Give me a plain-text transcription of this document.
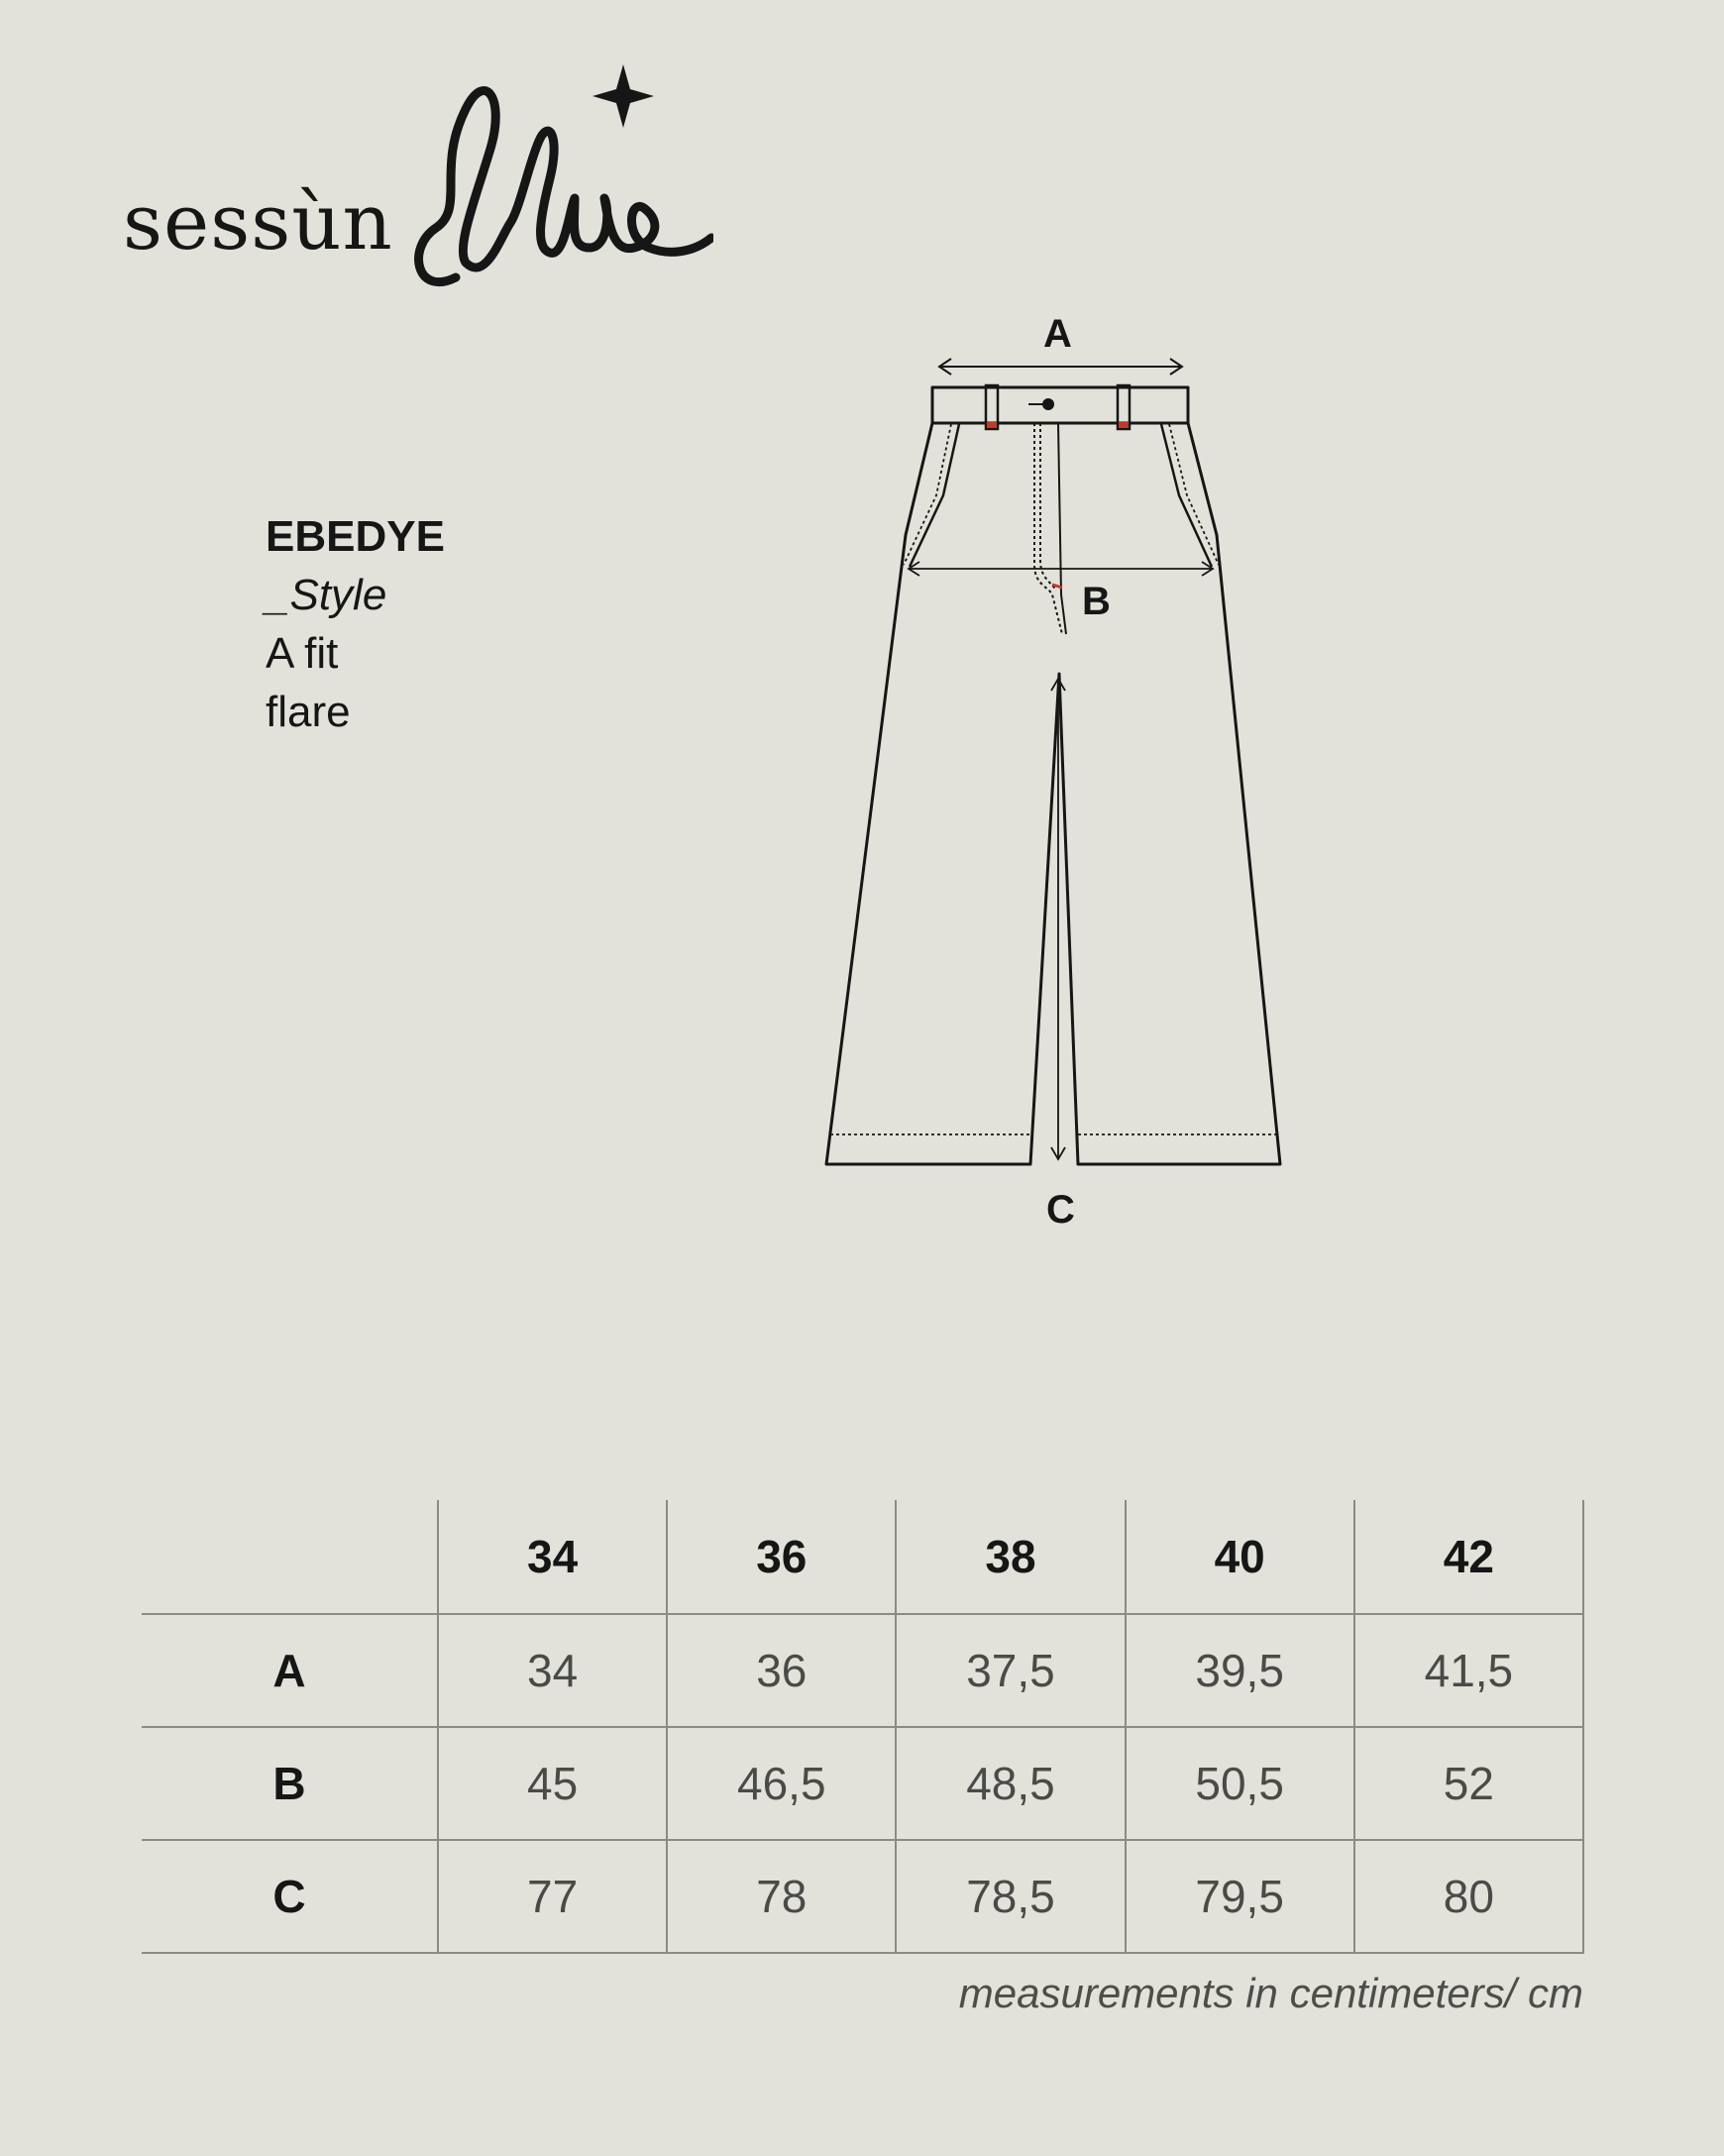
sessùn
EBEDYE
_Style
A fit
flare
A
B
C
	34	36	38	40	42
A	34	36	37,5	39,5	41,5
B	45	46,5	48,5	50,5	52
C	77	78	78,5	79,5	80
measurements in centimeters/ cm
